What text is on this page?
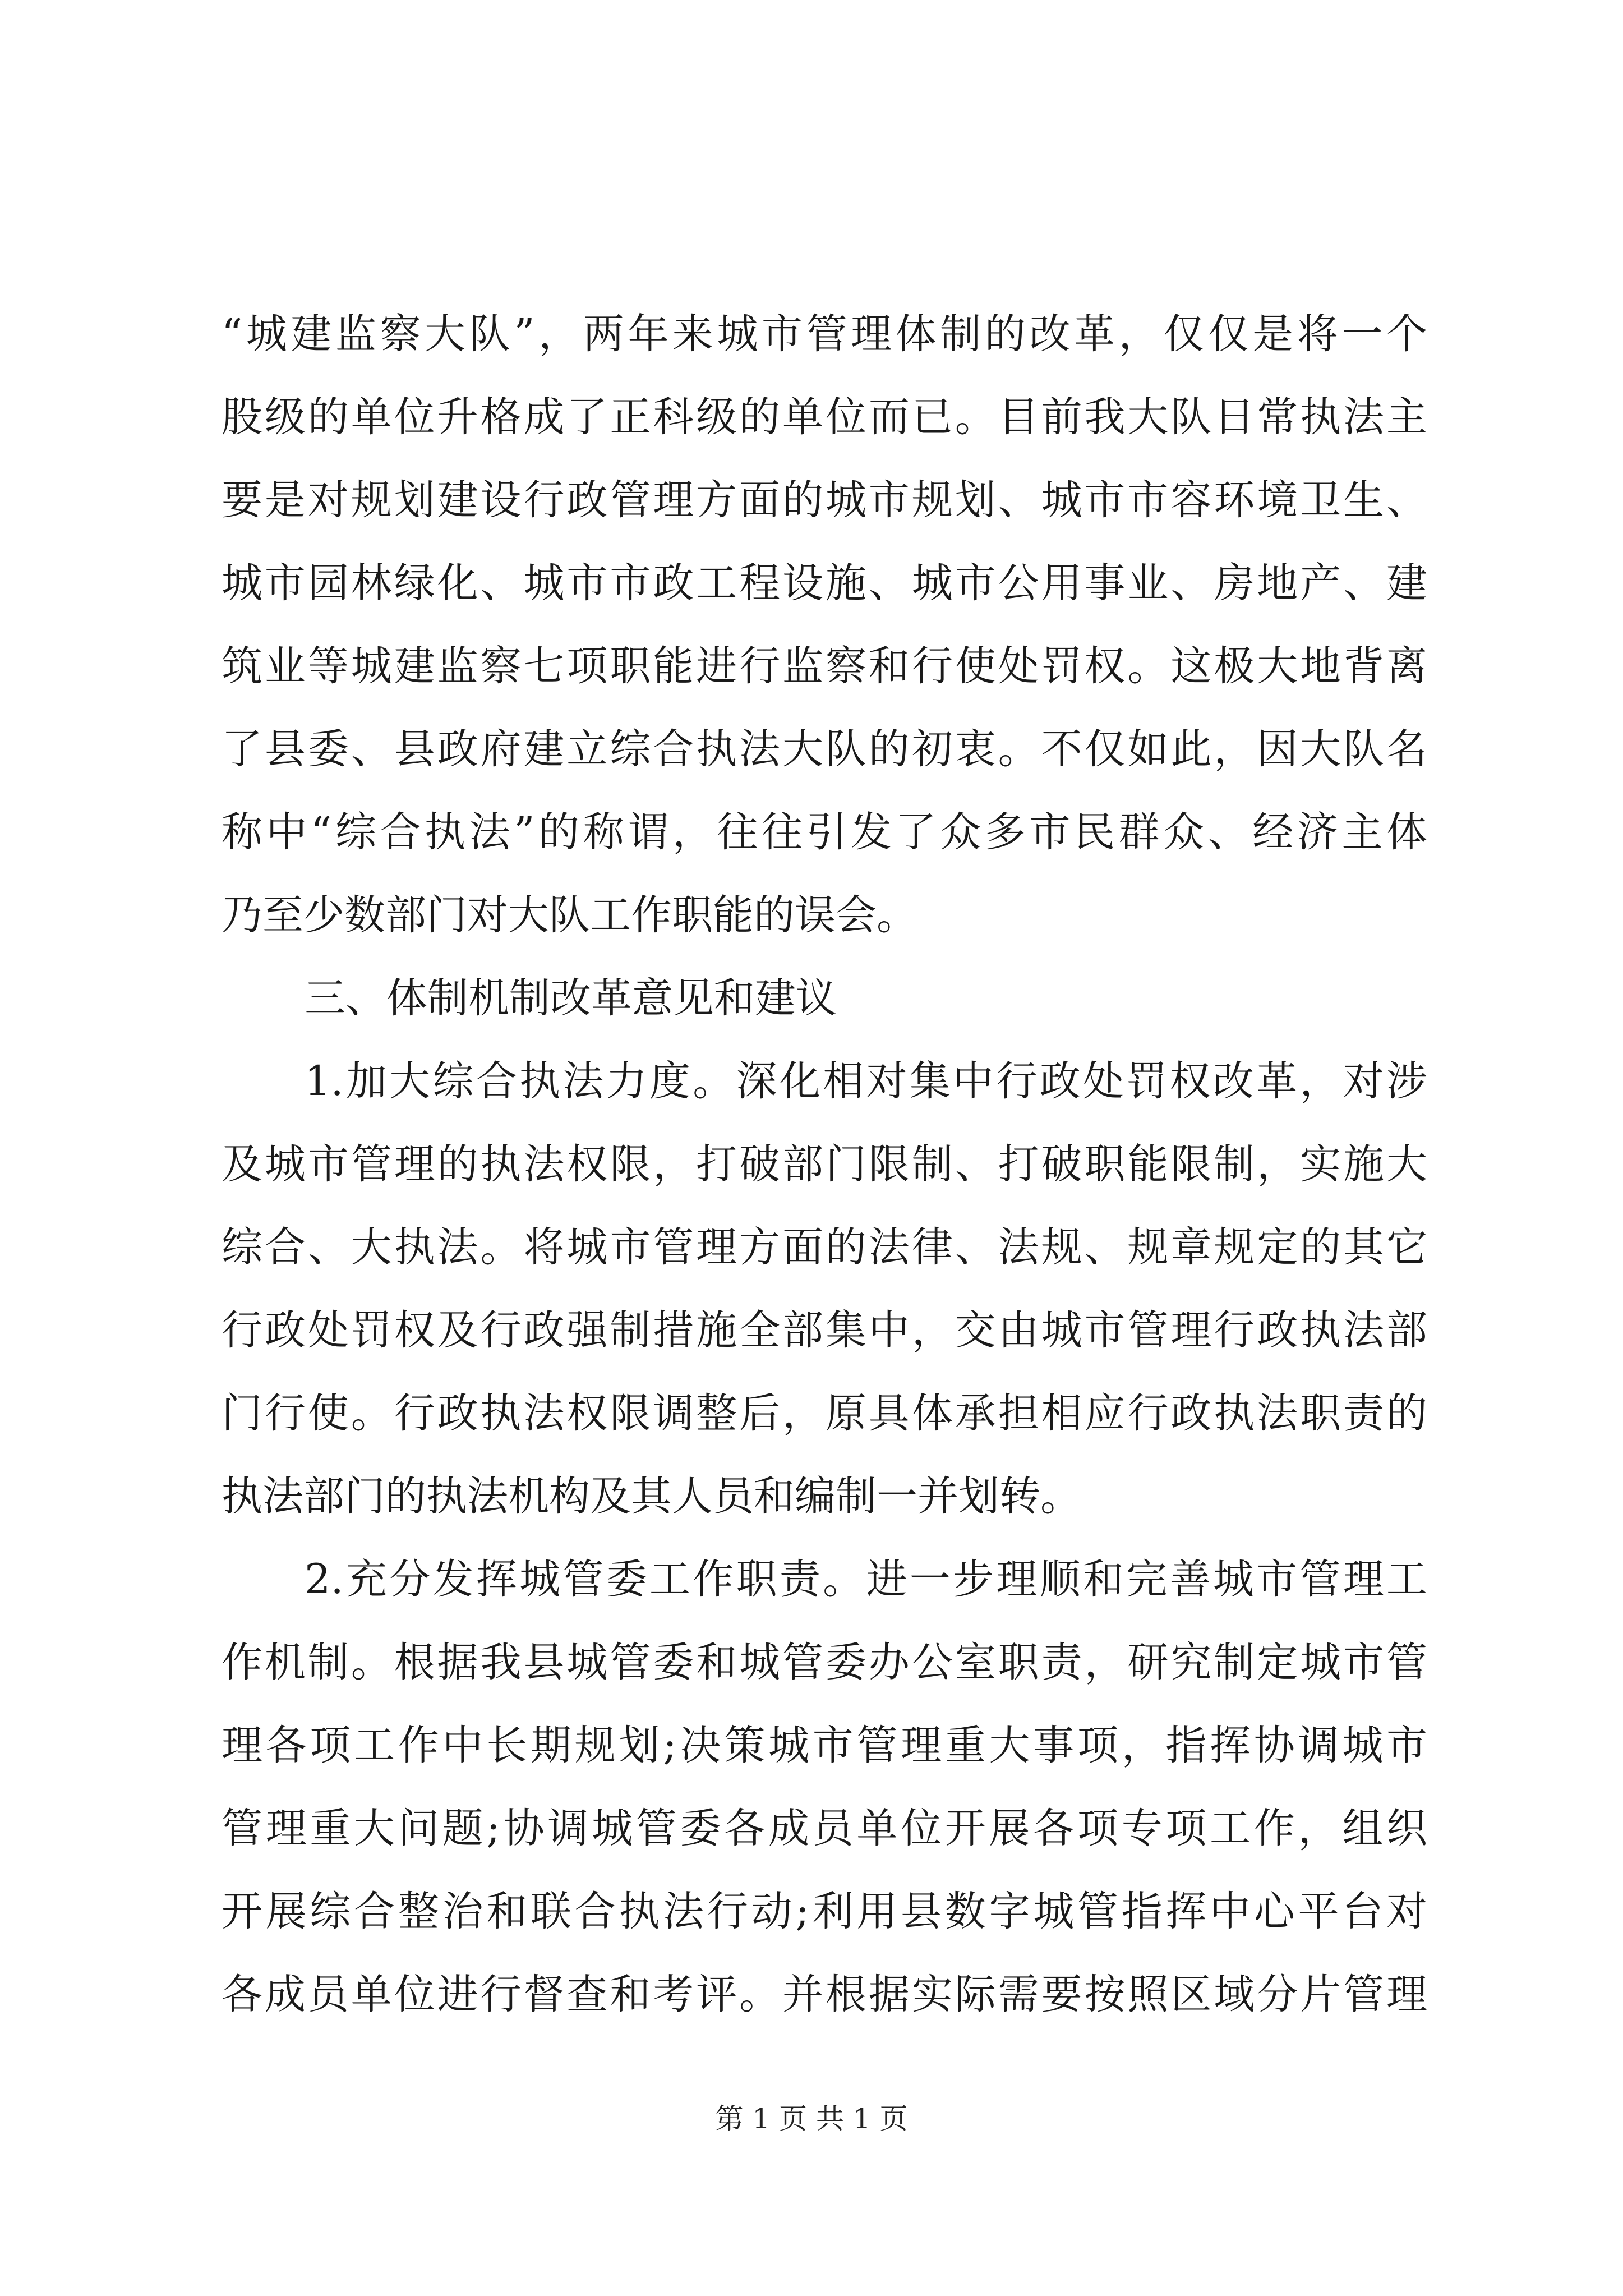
“城建监察大队”，两年来城市管理体制的改革，仅仅是将一个
股级的单位升格成了正科级的单位而已。目前我大队日常执法主
要是对规划建设行政管理方面的城市规划、城市市容环境卫生、
城市园林绿化、城市市政工程设施、城市公用事业、房地产、建
筑业等城建监察七项职能进行监察和行使处罚权。这极大地背离
了县委、县政府建立综合执法大队的初衷。不仅如此，因大队名
称中“综合执法”的称谓，往往引发了众多市民群众、经济主体
乃至少数部门对大队工作职能的误会。
三、体制机制改革意见和建议
1.加大综合执法力度。深化相对集中行政处罚权改革，对涉
及城市管理的执法权限，打破部门限制、打破职能限制，实施大
综合、大执法。将城市管理方面的法律、法规、规章规定的其它
行政处罚权及行政强制措施全部集中，交由城市管理行政执法部
门行使。行政执法权限调整后，原具体承担相应行政执法职责的
执法部门的执法机构及其人员和编制一并划转。
2.充分发挥城管委工作职责。进一步理顺和完善城市管理工
作机制。根据我县城管委和城管委办公室职责，研究制定城市管
理各项工作中长期规划;决策城市管理重大事项，指挥协调城市
管理重大问题;协调城管委各成员单位开展各项专项工作，组织
开展综合整治和联合执法行动;利用县数字城管指挥中心平台对
各成员单位进行督查和考评。并根据实际需要按照区域分片管理
第 1 页 共 1 页
